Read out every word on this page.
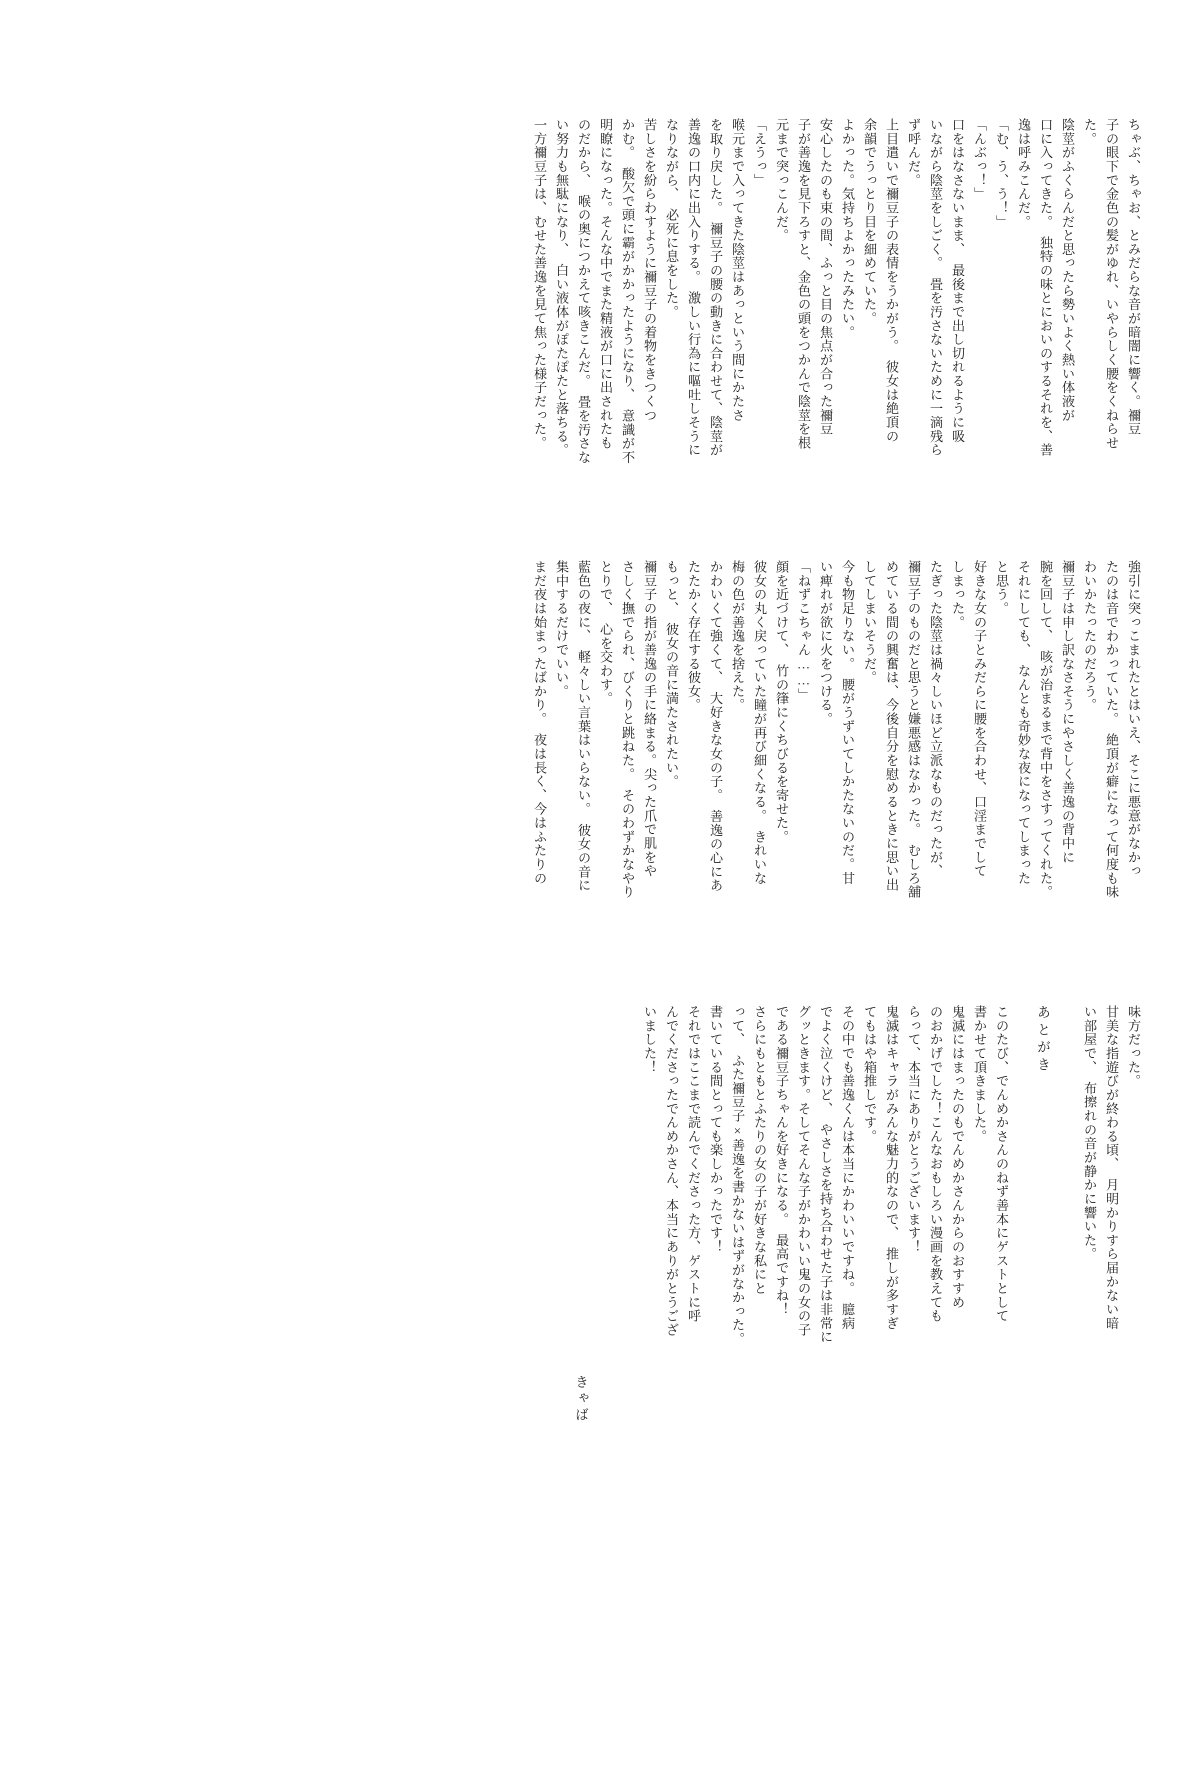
ちゃぶ、ちゃお、とみだらな音が暗闇に響く。禰豆
子の眼下で金色の髪がゆれ、いやらしく腰をくねらせ
た。
陰莖がふくらんだと思ったら勢いよく熱い体液が
口に入ってきた。　独特の味とにおいのするそれを、善
逸は呼みこんだ。
「む、う、う！」
「んぶっ！」
口をはなさないまま、　最後まで出し切れるように吸
いながら陰莖をしごく。　畳を汚さないために一滴残ら
ず呼んだ。
上目遣いで禰豆子の表情をうかがう。　彼女は絶頂の
余韻でうっとり目を細めていた。
よかった。気持ちよかったみたい。
安心したのも束の間、ふっと目の焦点が合った禰豆
子が善逸を見下ろすと、金色の頭をつかんで陰莖を根
元まで突っこんだ。
「えうっ」
喉元まで入ってきた陰莖はあっという間にかたさ
を取り戻した。　禰豆子の腰の動きに合わせて、陰莖が
善逸の口内に出入りする。　激しい行為に嘔吐しそうに
なりながら、　必死に息をした。
苦しさを紛らわすように禰豆子の着物をきつくつ
かむ。　酸欠で頭に霸がかかったようになり、　意識が不
明瞭になった。そんな中でまた精液が口に出されたも
のだから、　喉の奥につかえて咳きこんだ。　畳を汚さな
い努力も無駄になり、　白い液体がぽたぽたと落ちる。
一方禰豆子は、むせた善逸を見て焦った様子だった。
強引に突っこまれたとはいえ、そこに悪意がなかっ
たのは音でわかっていた。　絶頂が癖になって何度も味
わいかたったのだろう。
禰豆子は申し訳なさそうにやさしく善逸の背中に
腕を回して、　咳が治まるまで背中をさすってくれた。
それにしても、　なんとも奇妙な夜になってしまった
と思う。
好きな女の子とみだらに腰を合わせ、口淫までして
しまった。
たぎった陰莖は禍々しいほど立派なものだったが、
禰豆子のものだと思うと嫌悪感はなかった。　むしろ舖
めている間の興奮は、今後自分を慰めるときに思い出
してしまいそうだ。
今も物足りない。　腰がうずいてしかたないのだ。甘
い痺れが欲に火をつける。
「ねずこちゃん……」
顔を近づけて、　竹の箻にくちびるを寄せた。
彼女の丸く戻っていた瞳が再び細くなる。　きれいな
梅の色が善逸を捨えた。
かわいくて強くて、　大好きな女の子。　善逸の心にあ
たたかく存在する彼女。
もっと、　彼女の音に満たされたい。
禰豆子の指が善逸の手に絡まる。尖った爪で肌をや
さしく撫でられ、びくりと跳ねた。　そのわずかなやり
とりで、　心を交わす。
藍色の夜に、　軽々しい言葉はいらない。　彼女の音に
集中するだけでいい。
まだ夜は始まったばかり。　夜は長く、今はふたりの
味方だった。
甘美な指遊びが終わる頃、　月明かりすら届かない暗
い部屋で、　布擦れの音が静かに響いた。
あとがき
このたび、でんめかさんのねず善本にゲストとして
書かせて頂きました。
鬼滅にはまったのもでんめかさんからのおすすめ
のおかげでした！こんなおもしろい漫画を教えても
らって、本当にありがとうございます！
鬼滅はキャラがみんな魅力的なので、　推しが多すぎ
てもはや箱推しです。
その中でも善逸くんは本当にかわいいですね。　臆病
でよく泣くけど、　やさしさを持ち合わせた子は非常に
グッときます。そしてそんな子がかわいい鬼の女の子
である禰豆子ちゃんを好きになる。　最高ですね！
さらにもともとふたりの女の子が好きな私にと
って、　ふた禰豆子×善逸を書かないはずがなかった。
書いている間とっても楽しかったです！
それではここまで読んでくださった方、ゲストに呼
んでくださったでんめかさん、本当にありがとうござ
いました！
きゃば
